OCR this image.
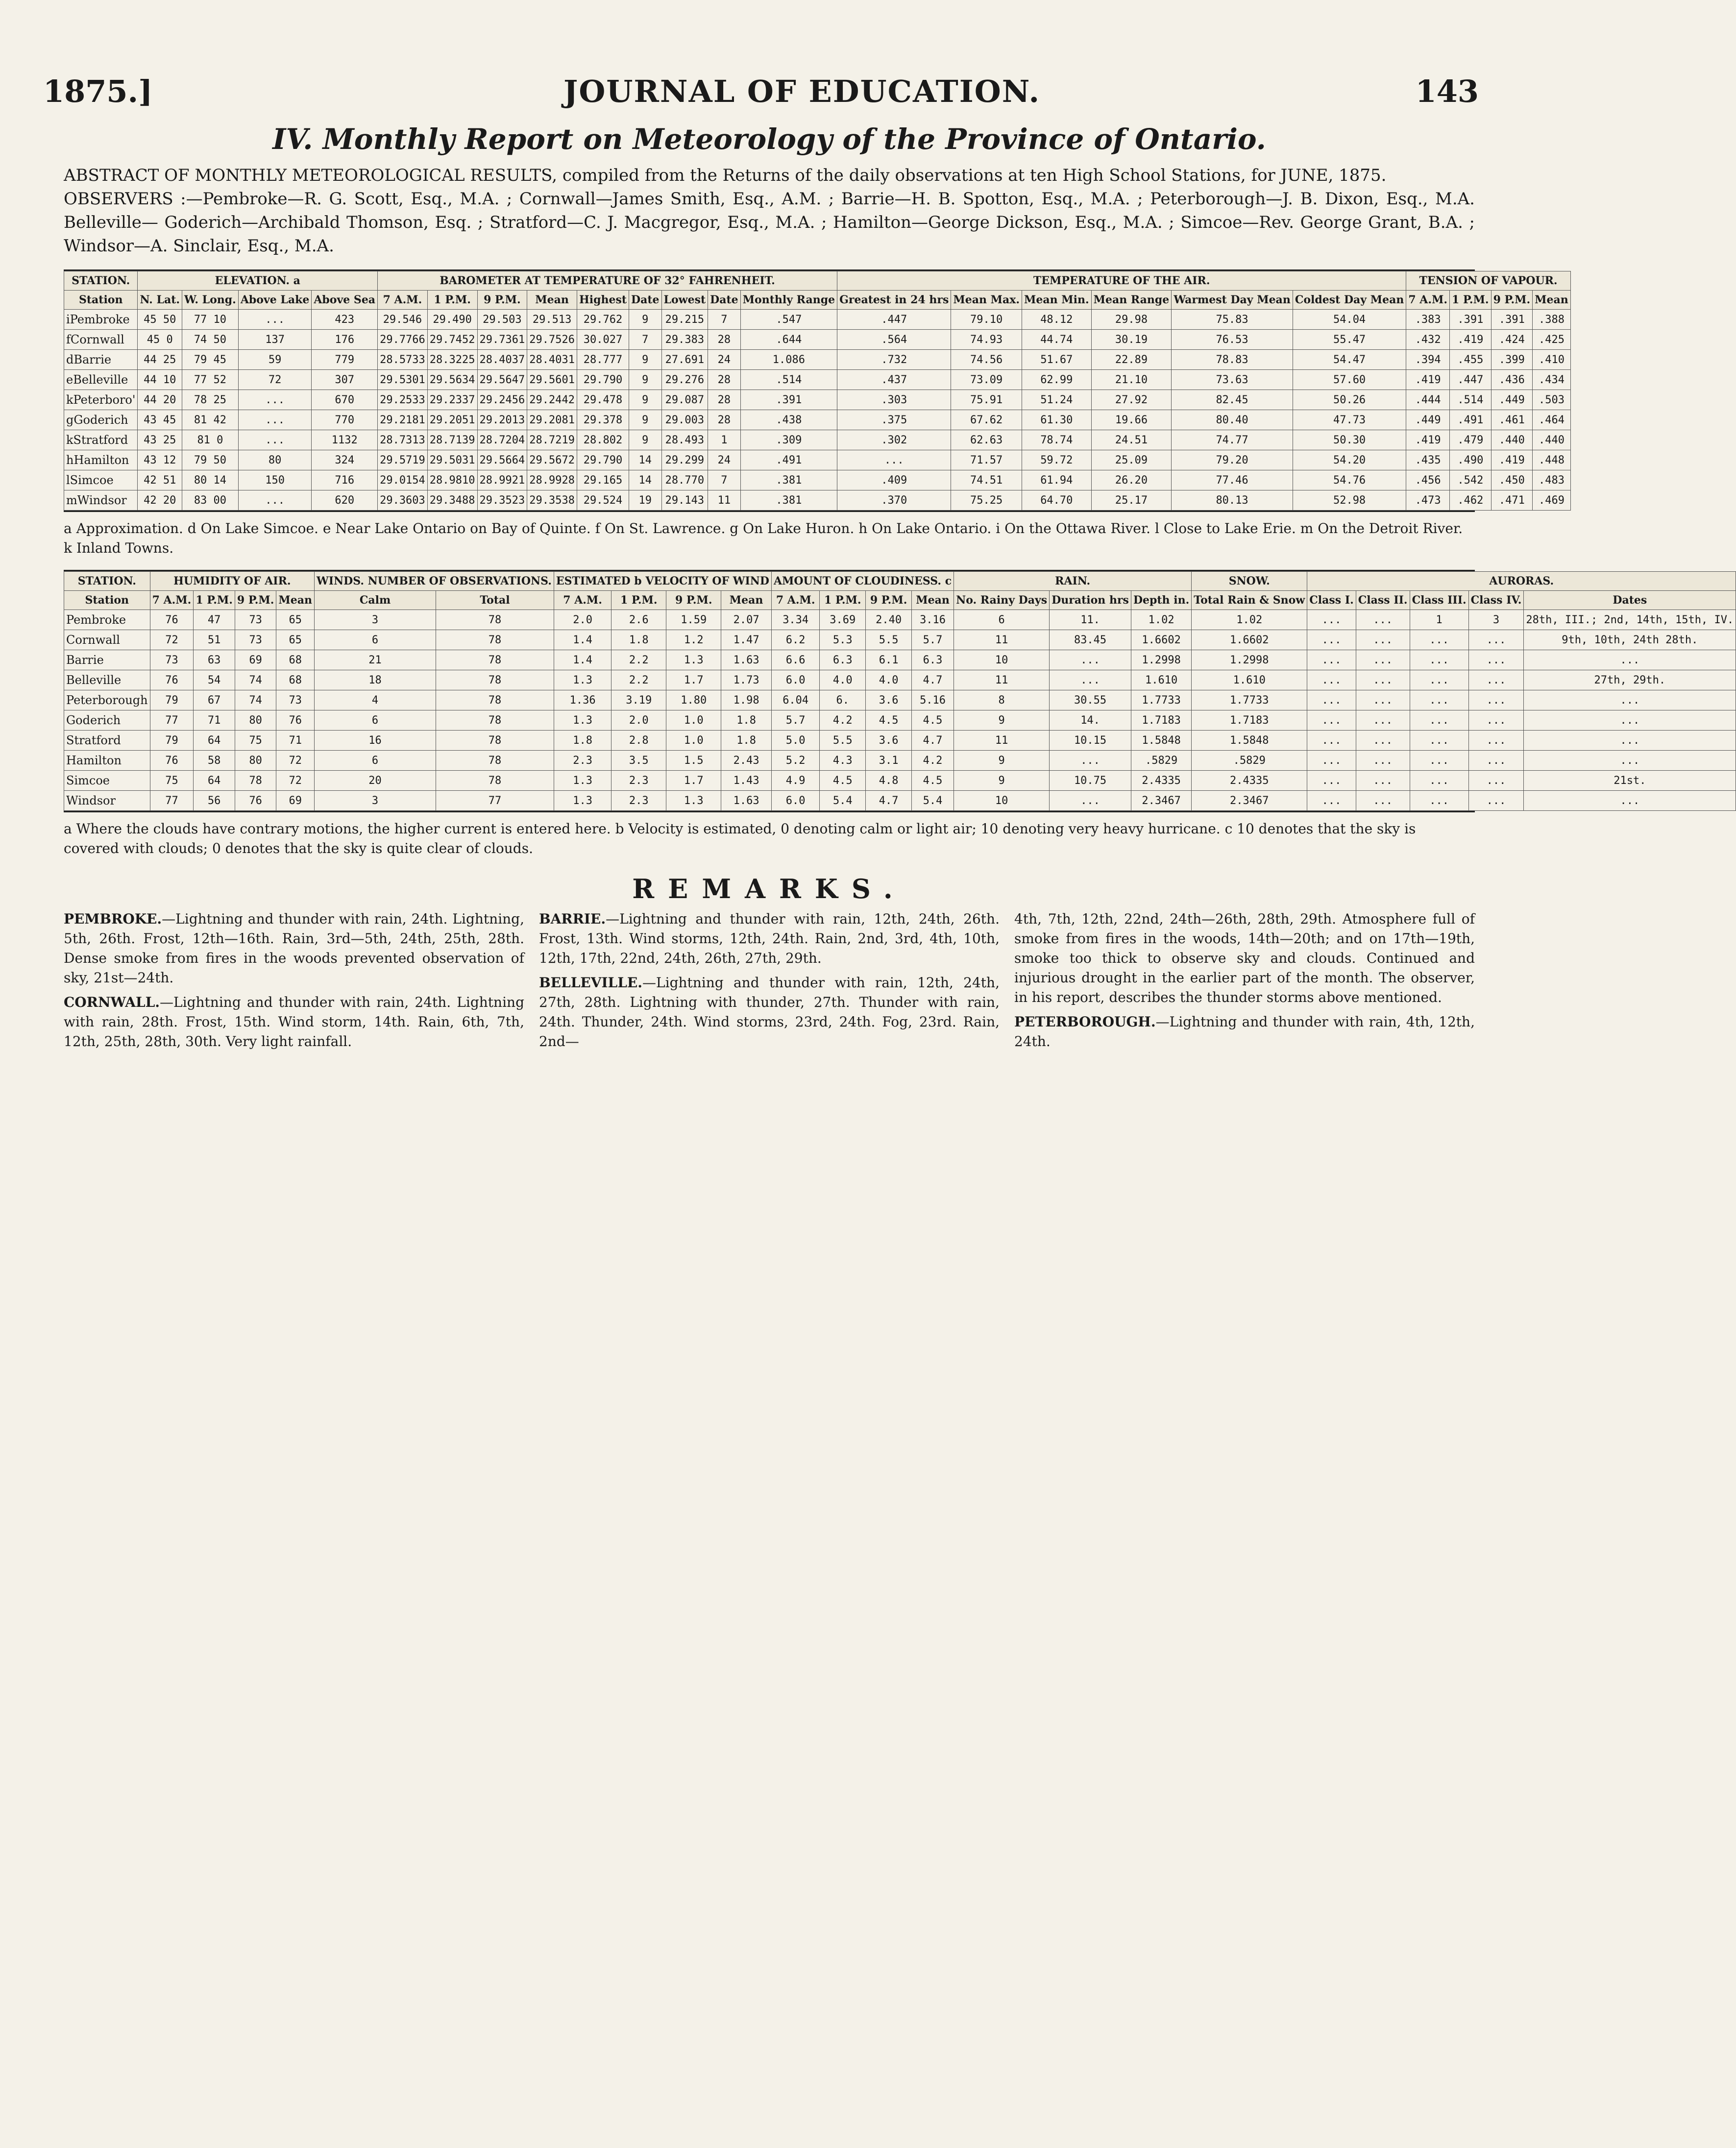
1875.]	JOURNAL OF EDUCATION.	143
IV. Monthly Report on Meteorology of the Province of Ontario.
ABSTRACT OF MONTHLY METEOROLOGICAL RESULTS, compiled from the Returns of the daily observations at ten High School Stations, for JUNE, 1875.
OBSERVERS :—Pembroke—R. G. Scott, Esq., M.A. ; Cornwall—James Smith, Esq., A.M. ; Barrie—H. B. Spotton, Esq., M.A. ; Peterborough—J. B. Dixon, Esq., M.A. Belleville— Goderich—Archibald Thomson, Esq. ; Stratford—C. J. Macgregor, Esq., M.A. ; Hamilton—George Dickson, Esq., M.A. ; Simcoe—Rev. George Grant, B.A. ; Windsor—A. Sinclair, Esq., M.A.
STATION.	ELEVATION. a				BAROMETER AT TEMPERATURE OF 32° FAHRENHEIT.									TEMPERATURE OF THE AIR.						TENSION OF VAPOUR.			
Station	N. Lat.	W. Long.	Above Lake	Above Sea	7 A.M.	1 P.M.	9 P.M.	Mean	Highest	Date	Lowest	Date	Monthly Range	Greatest in 24 hrs	Mean Max.	Mean Min.	Mean Range	Warmest Day Mean	Coldest Day Mean	7 A.M.	1 P.M.	9 P.M.	Mean
iPembroke	45 50	77 10	...	423	29.546	29.490	29.503	29.513	29.762	9	29.215	7	.547	.447	79.10	48.12	29.98	75.83	54.04	.383	.391	.391	.388
fCornwall	45 0	74 50	137	176	29.7766	29.7452	29.7361	29.7526	30.027	7	29.383	28	.644	.564	74.93	44.74	30.19	76.53	55.47	.432	.419	.424	.425
dBarrie	44 25	79 45	59	779	28.5733	28.3225	28.4037	28.4031	28.777	9	27.691	24	1.086	.732	74.56	51.67	22.89	78.83	54.47	.394	.455	.399	.410
eBelleville	44 10	77 52	72	307	29.5301	29.5634	29.5647	29.5601	29.790	9	29.276	28	.514	.437	73.09	62.99	21.10	73.63	57.60	.419	.447	.436	.434
kPeterboro'	44 20	78 25	...	670	29.2533	29.2337	29.2456	29.2442	29.478	9	29.087	28	.391	.303	75.91	51.24	27.92	82.45	50.26	.444	.514	.449	.503
gGoderich	43 45	81 42	...	770	29.2181	29.2051	29.2013	29.2081	29.378	9	29.003	28	.438	.375	67.62	61.30	19.66	80.40	47.73	.449	.491	.461	.464
kStratford	43 25	81 0	...	1132	28.7313	28.7139	28.7204	28.7219	28.802	9	28.493	1	.309	.302	62.63	78.74	24.51	74.77	50.30	.419	.479	.440	.440
hHamilton	43 12	79 50	80	324	29.5719	29.5031	29.5664	29.5672	29.790	14	29.299	24	.491	...	71.57	59.72	25.09	79.20	54.20	.435	.490	.419	.448
lSimcoe	42 51	80 14	150	716	29.0154	28.9810	28.9921	28.9928	29.165	14	28.770	7	.381	.409	74.51	61.94	26.20	77.46	54.76	.456	.542	.450	.483
mWindsor	42 20	83 00	...	620	29.3603	29.3488	29.3523	29.3538	29.524	19	29.143	11	.381	.370	75.25	64.70	25.17	80.13	52.98	.473	.462	.471	.469
a Approximation. d On Lake Simcoe. e Near Lake Ontario on Bay of Quinte. f On St. Lawrence. g On Lake Huron. h On Lake Ontario. i On the Ottawa River. l Close to Lake Erie. m On the Detroit River. k Inland Towns.
STATION.	HUMIDITY OF AIR.				WINDS. NUMBER OF OBSERVATIONS.		ESTIMATED b VELOCITY OF WIND				AMOUNT OF CLOUDINESS. c				RAIN.			SNOW.	AURORAS.				
Station	7 A.M.	1 P.M.	9 P.M.	Mean	Calm	Total	7 A.M.	1 P.M.	9 P.M.	Mean	7 A.M.	1 P.M.	9 P.M.	Mean	No. Rainy Days	Duration hrs	Depth in.	Total Rain & Snow	Class I.	Class II.	Class III.	Class IV.	Dates
Pembroke	76	47	73	65	3	78	2.0	2.6	1.59	2.07	3.34	3.69	2.40	3.16	6	11.	1.02	1.02	...	...	1	3	28th, III.; 2nd, 14th, 15th, IV.
Cornwall	72	51	73	65	6	78	1.4	1.8	1.2	1.47	6.2	5.3	5.5	5.7	11	83.45	1.6602	1.6602	...	...	...	...	9th, 10th, 24th 28th.
Barrie	73	63	69	68	21	78	1.4	2.2	1.3	1.63	6.6	6.3	6.1	6.3	10	...	1.2998	1.2998	...	...	...	...	...
Belleville	76	54	74	68	18	78	1.3	2.2	1.7	1.73	6.0	4.0	4.0	4.7	11	...	1.610	1.610	...	...	...	...	27th, 29th.
Peterborough	79	67	74	73	4	78	1.36	3.19	1.80	1.98	6.04	6.	3.6	5.16	8	30.55	1.7733	1.7733	...	...	...	...	...
Goderich	77	71	80	76	6	78	1.3	2.0	1.0	1.8	5.7	4.2	4.5	4.5	9	14.	1.7183	1.7183	...	...	...	...	...
Stratford	79	64	75	71	16	78	1.8	2.8	1.0	1.8	5.0	5.5	3.6	4.7	11	10.15	1.5848	1.5848	...	...	...	...	...
Hamilton	76	58	80	72	6	78	2.3	3.5	1.5	2.43	5.2	4.3	3.1	4.2	9	...	.5829	.5829	...	...	...	...	...
Simcoe	75	64	78	72	20	78	1.3	2.3	1.7	1.43	4.9	4.5	4.8	4.5	9	10.75	2.4335	2.4335	...	...	...	...	21st.
Windsor	77	56	76	69	3	77	1.3	2.3	1.3	1.63	6.0	5.4	4.7	5.4	10	...	2.3467	2.3467	...	...	...	...	...
a Where the clouds have contrary motions, the higher current is entered here. b Velocity is estimated, 0 denoting calm or light air; 10 denoting very heavy hurricane. c 10 denotes that the sky is covered with clouds; 0 denotes that the sky is quite clear of clouds.
REMARKS.

PEMBROKE.—Lightning and thunder with rain, 24th. Lightning, 5th, 26th. Frost, 12th—16th. Rain, 3rd—5th, 24th, 25th, 28th. Dense smoke from fires in the woods prevented observation of sky, 21st—24th.

CORNWALL.—Lightning and thunder with rain, 24th. Lightning with rain, 28th. Frost, 15th. Wind storm, 14th. Rain, 6th, 7th, 12th, 25th, 28th, 30th. Very light rainfall.

BARRIE.—Lightning and thunder with rain, 12th, 24th, 26th. Frost, 13th. Wind storms, 12th, 24th. Rain, 2nd, 3rd, 4th, 10th, 12th, 17th, 22nd, 24th, 26th, 27th, 29th.

BELLEVILLE.—Lightning and thunder with rain, 12th, 24th, 27th, 28th. Lightning with thunder, 27th. Thunder with rain, 24th. Thunder, 24th. Wind storms, 23rd, 24th. Fog, 23rd. Rain, 2nd—

4th, 7th, 12th, 22nd, 24th—26th, 28th, 29th. Atmosphere full of smoke from fires in the woods, 14th—20th; and on 17th—19th, smoke too thick to observe sky and clouds. Continued and injurious drought in the earlier part of the month. The observer, in his report, describes the thunder storms above mentioned.

PETERBOROUGH.—Lightning and thunder with rain, 4th, 12th, 24th.
